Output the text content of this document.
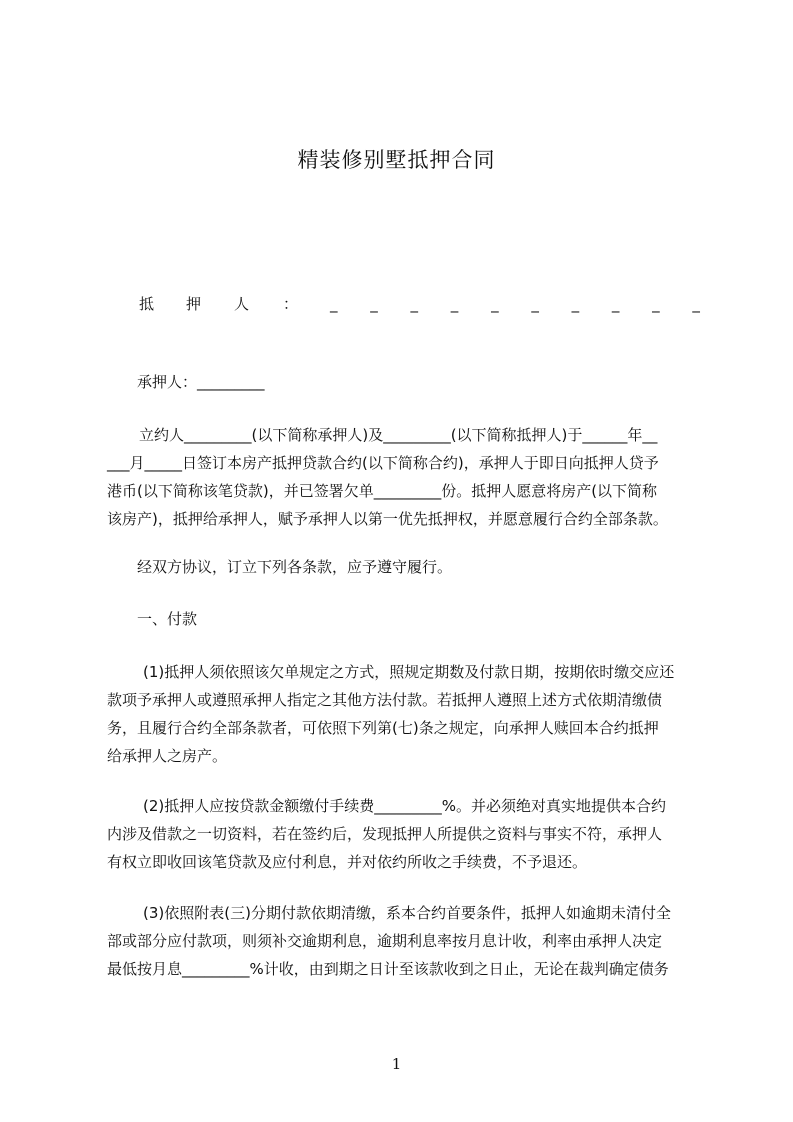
精装修别墅抵押合同
抵 押 人 ： _ _ _ _ _ _ _ _ _ _
承押人：_________
立约人_________(以下简称承押人)及_________(以下简称抵押人)于______年__
___月_____日签订本房产抵押贷款合约(以下简称合约)，承押人于即日向抵押人贷予
港币(以下简称该笔贷款)，并已签署欠单_________份。抵押人愿意将房产(以下简称
该房产)，抵押给承押人，赋予承押人以第一优先抵押权，并愿意履行合约全部条款。
经双方协议，订立下列各条款，应予遵守履行。
一、付款
(1)抵押人须依照该欠单规定之方式，照规定期数及付款日期，按期依时缴交应还
款项予承押人或遵照承押人指定之其他方法付款。若抵押人遵照上述方式依期清缴债
务，且履行合约全部条款者，可依照下列第(七)条之规定，向承押人赎回本合约抵押
给承押人之房产。
(2)抵押人应按贷款金额缴付手续费_________%。并必须绝对真实地提供本合约
内涉及借款之一切资料，若在签约后，发现抵押人所提供之资料与事实不符，承押人
有权立即收回该笔贷款及应付利息，并对依约所收之手续费，不予退还。
(3)依照附表(三)分期付款依期清缴，系本合约首要条件，抵押人如逾期未清付全
部或部分应付款项，则须补交逾期利息，逾期利息率按月息计收，利率由承押人决定
最低按月息_________%计收，由到期之日计至该款收到之日止，无论在裁判确定债务
1
